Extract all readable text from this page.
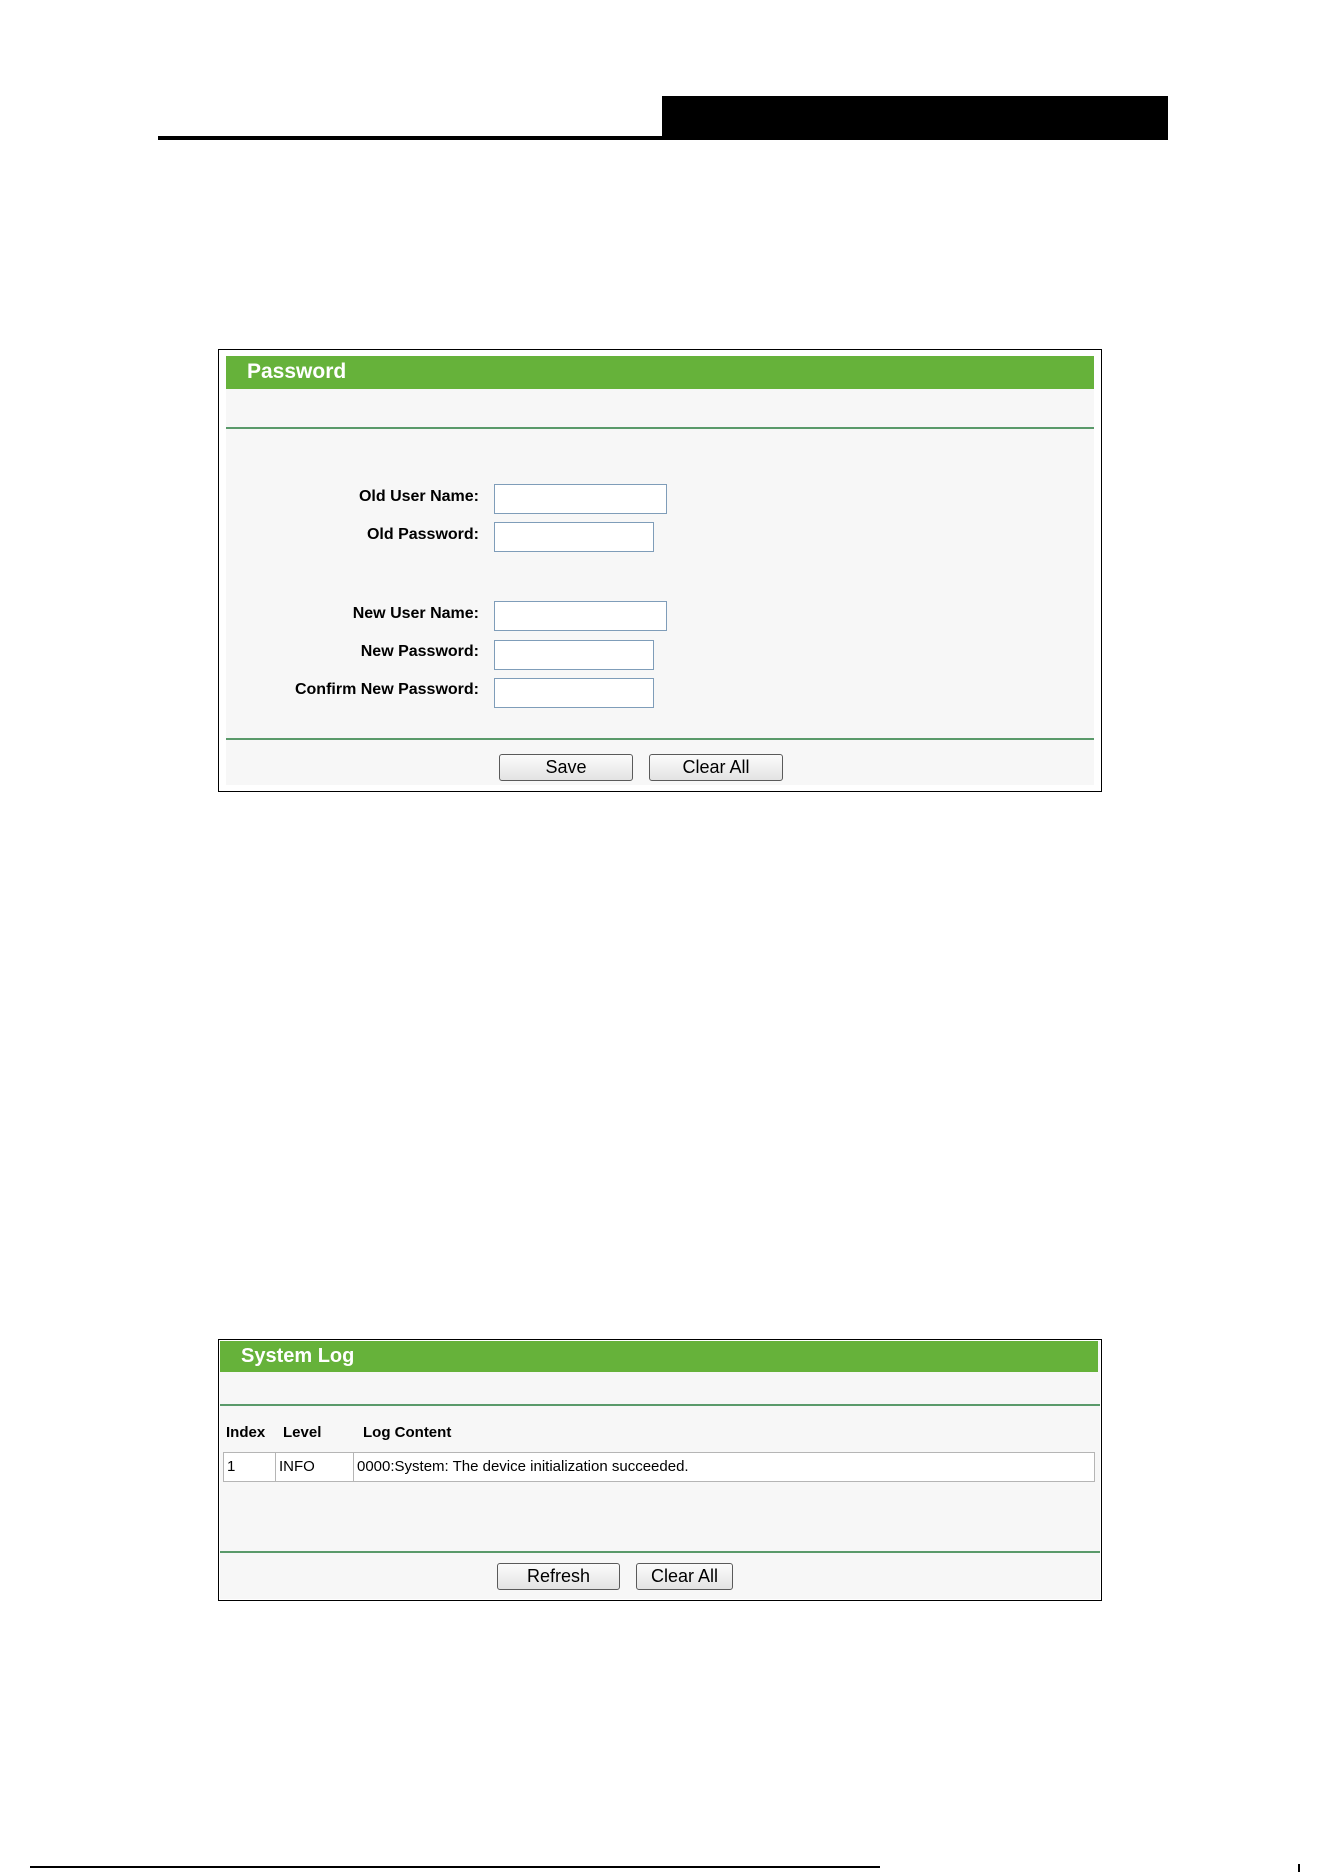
Password
Old User Name:
Old Password:
New User Name:
New Password:
Confirm New Password:
Save	Clear All
System Log
Index Level	Log Content
1	INFO	0000:System: The device initialization succeeded.
Refresh	Clear All
